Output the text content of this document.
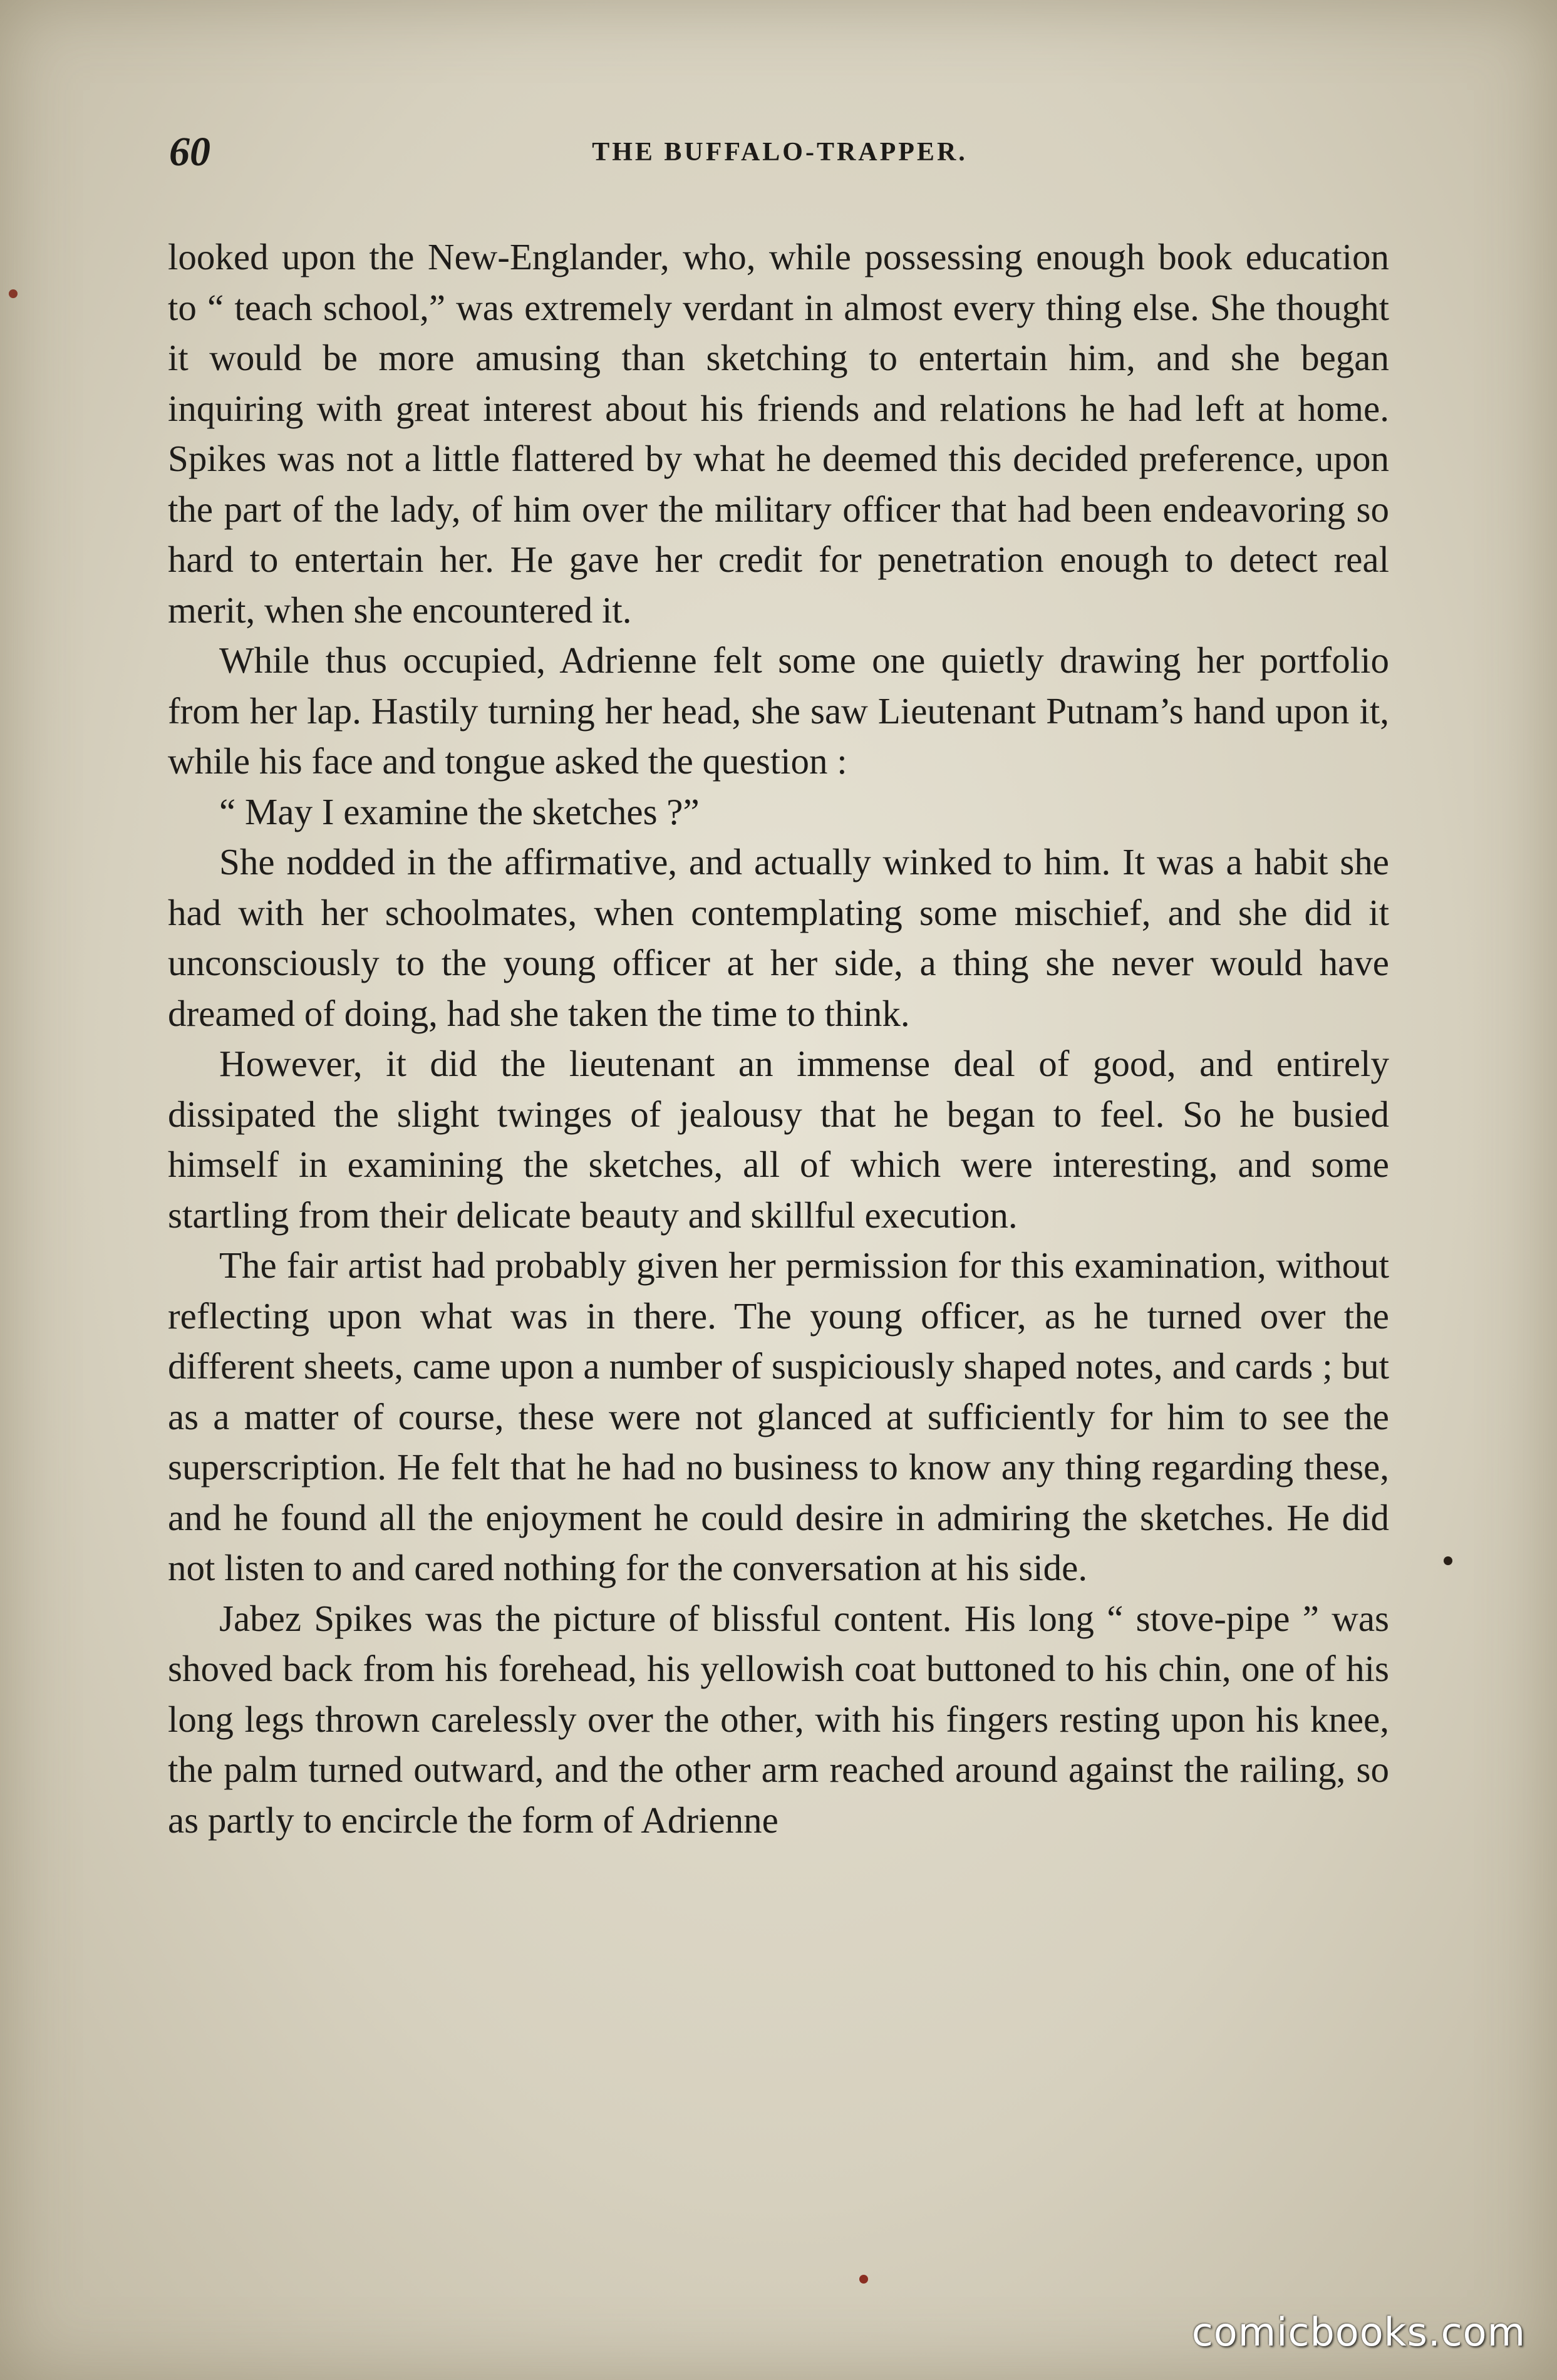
60	THE BUFFALO-TRAPPER.

looked upon the New-Englander, who, while possessing enough book education to “ teach school,” was extremely verdant in almost every thing else. She thought it would be more amusing than sketching to entertain him, and she began inquiring with great interest about his friends and relations he had left at home. Spikes was not a little flattered by what he deemed this decided preference, upon the part of the lady, of him over the military officer that had been endeavoring so hard to entertain her. He gave her credit for penetration enough to detect real merit, when she encountered it.

While thus occupied, Adrienne felt some one quietly drawing her portfolio from her lap. Hastily turning her head, she saw Lieutenant Putnam’s hand upon it, while his face and tongue asked the question :

“ May I examine the sketches ?”

She nodded in the affirmative, and actually winked to him. It was a habit she had with her schoolmates, when contemplating some mischief, and she did it unconsciously to the young officer at her side, a thing she never would have dreamed of doing, had she taken the time to think.

However, it did the lieutenant an immense deal of good, and entirely dissipated the slight twinges of jealousy that he began to feel. So he busied himself in examining the sketches, all of which were interesting, and some startling from their delicate beauty and skillful execution.

The fair artist had probably given her permission for this examination, without reflecting upon what was in there. The young officer, as he turned over the different sheets, came upon a number of suspiciously shaped notes, and cards ; but as a matter of course, these were not glanced at sufficiently for him to see the superscription. He felt that he had no business to know any thing regarding these, and he found all the enjoyment he could desire in admiring the sketches. He did not listen to and cared nothing for the conversation at his side.

Jabez Spikes was the picture of blissful content. His long “ stove-pipe ” was shoved back from his forehead, his yellowish coat buttoned to his chin, one of his long legs thrown carelessly over the other, with his fingers resting upon his knee, the palm turned outward, and the other arm reached around against the railing, so as partly to encircle the form of Adrienne

comicbooks.com
